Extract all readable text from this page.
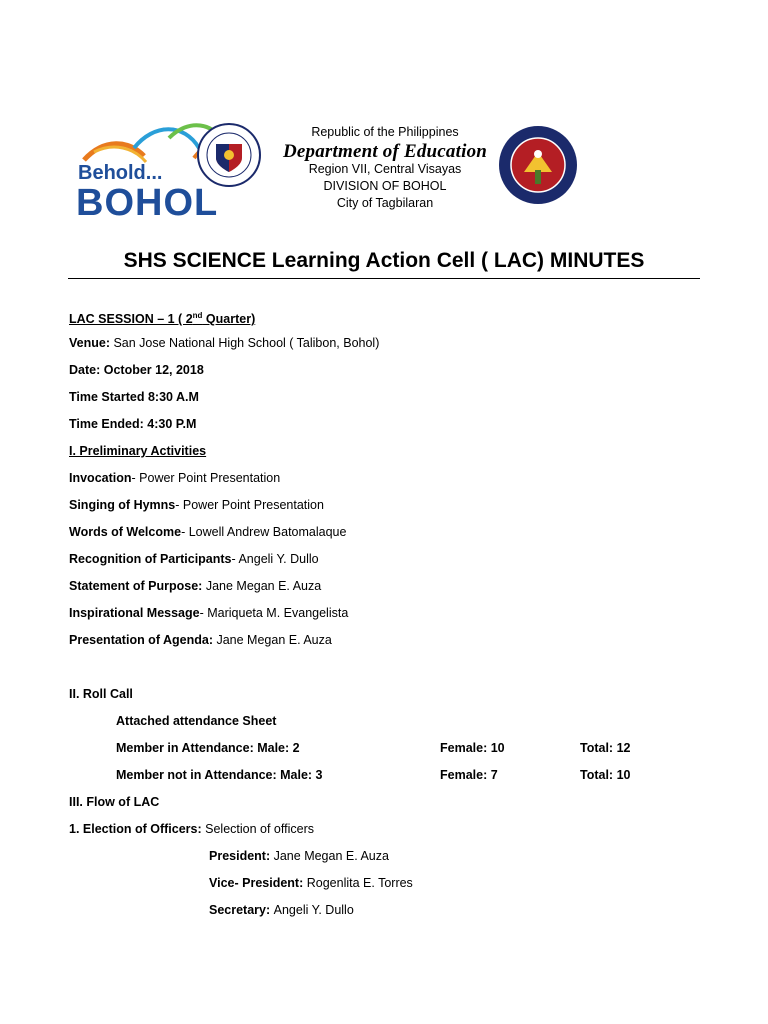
Behold...
BOHOL
Republic of the Philippines
Department of Education
Region VII, Central Visayas
DIVISION OF BOHOL
City of Tagbilaran
SHS SCIENCE Learning Action Cell ( LAC) MINUTES
LAC SESSION – 1 ( 2nd Quarter)
Venue: San Jose National High School ( Talibon, Bohol)
Date: October 12, 2018
Time Started 8:30 A.M
Time Ended: 4:30 P.M
I. Preliminary Activities
Invocation- Power Point Presentation
Singing of Hymns- Power Point Presentation
Words of Welcome- Lowell Andrew Batomalaque
Recognition of Participants- Angeli Y. Dullo
Statement of Purpose: Jane Megan E. Auza
Inspirational Message- Mariqueta M. Evangelista
Presentation of Agenda: Jane Megan E. Auza
II. Roll Call
Attached attendance Sheet
Member in Attendance: Male: 2	Female: 10	Total: 12
Member not in Attendance: Male: 3	Female: 7	Total: 10
III. Flow of LAC
1. Election of Officers: Selection of officers
President: Jane Megan E. Auza
Vice- President: Rogenlita E. Torres
Secretary: Angeli Y. Dullo
